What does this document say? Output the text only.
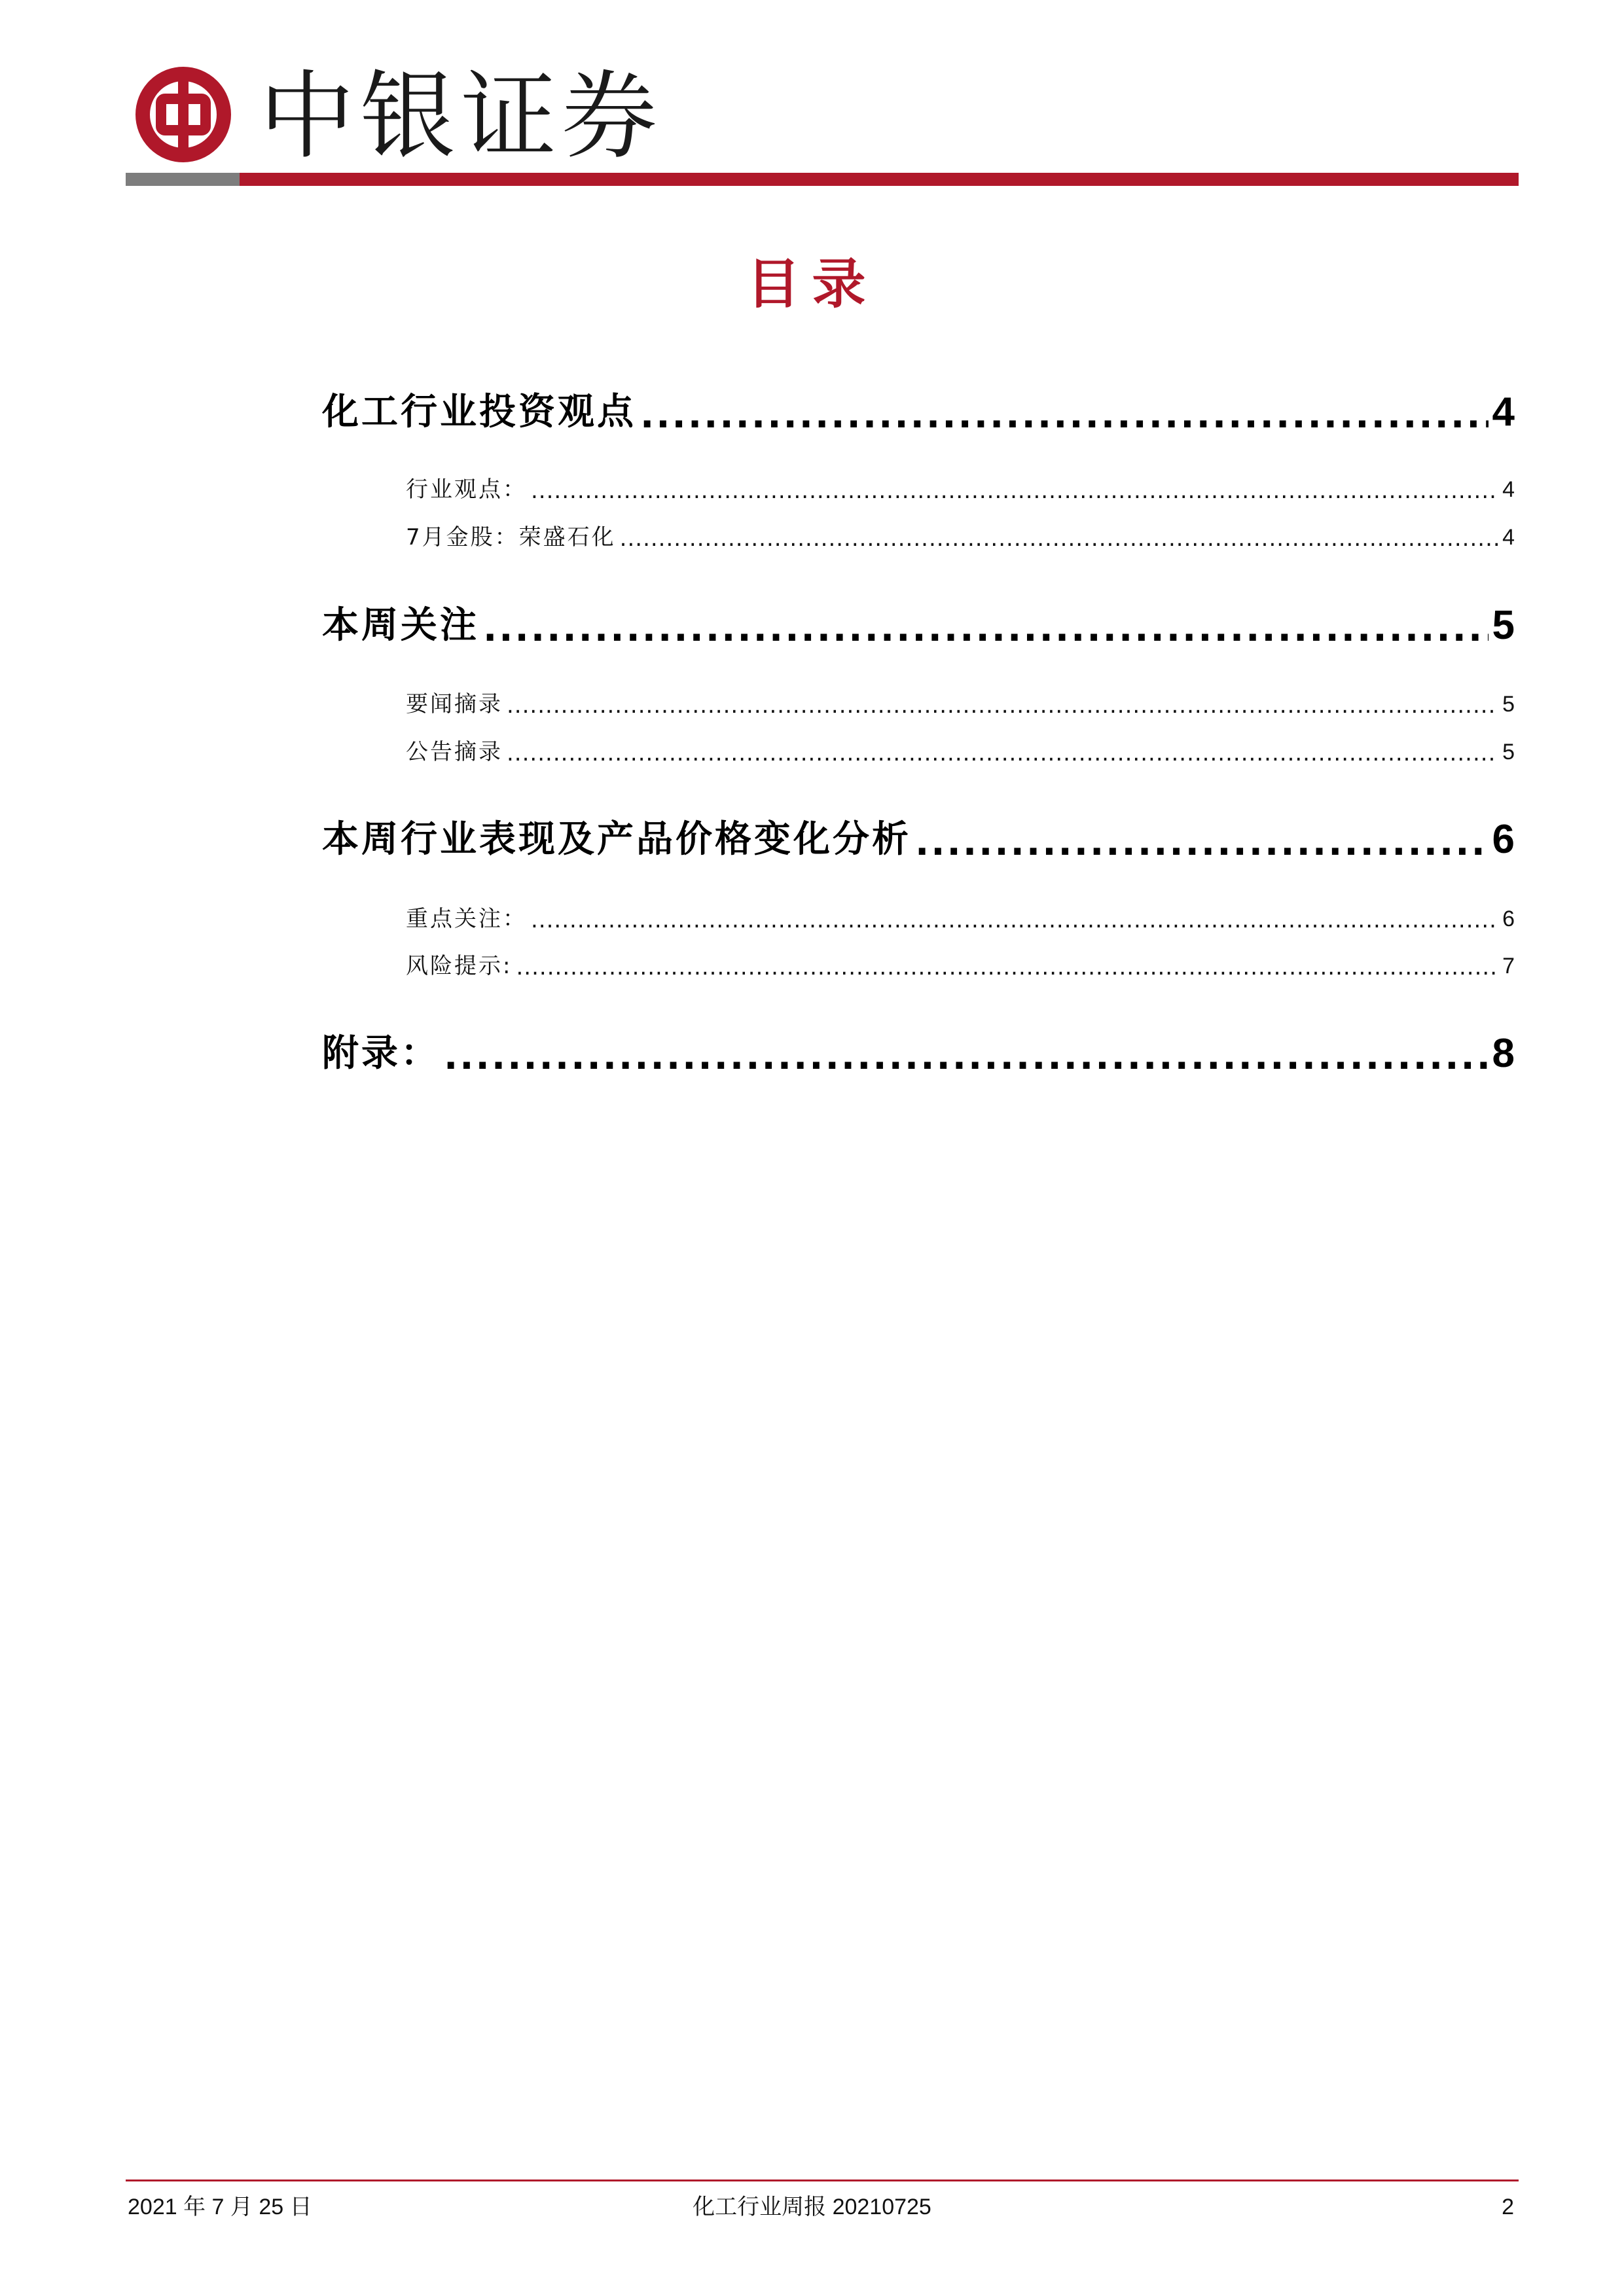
中银证券
目录
化工行业投资观点 .....	4
行业观点： .....	4
7月金股：荣盛石化 .....	4
本周关注 .....	5
要闻摘录 .....	5
公告摘录 .....	5
本周行业表现及产品价格变化分析 .....	6
重点关注： .....	6
风险提示: .....	7
附录： .....	8
2021 年 7 月 25 日	化工行业周报 20210725	2
